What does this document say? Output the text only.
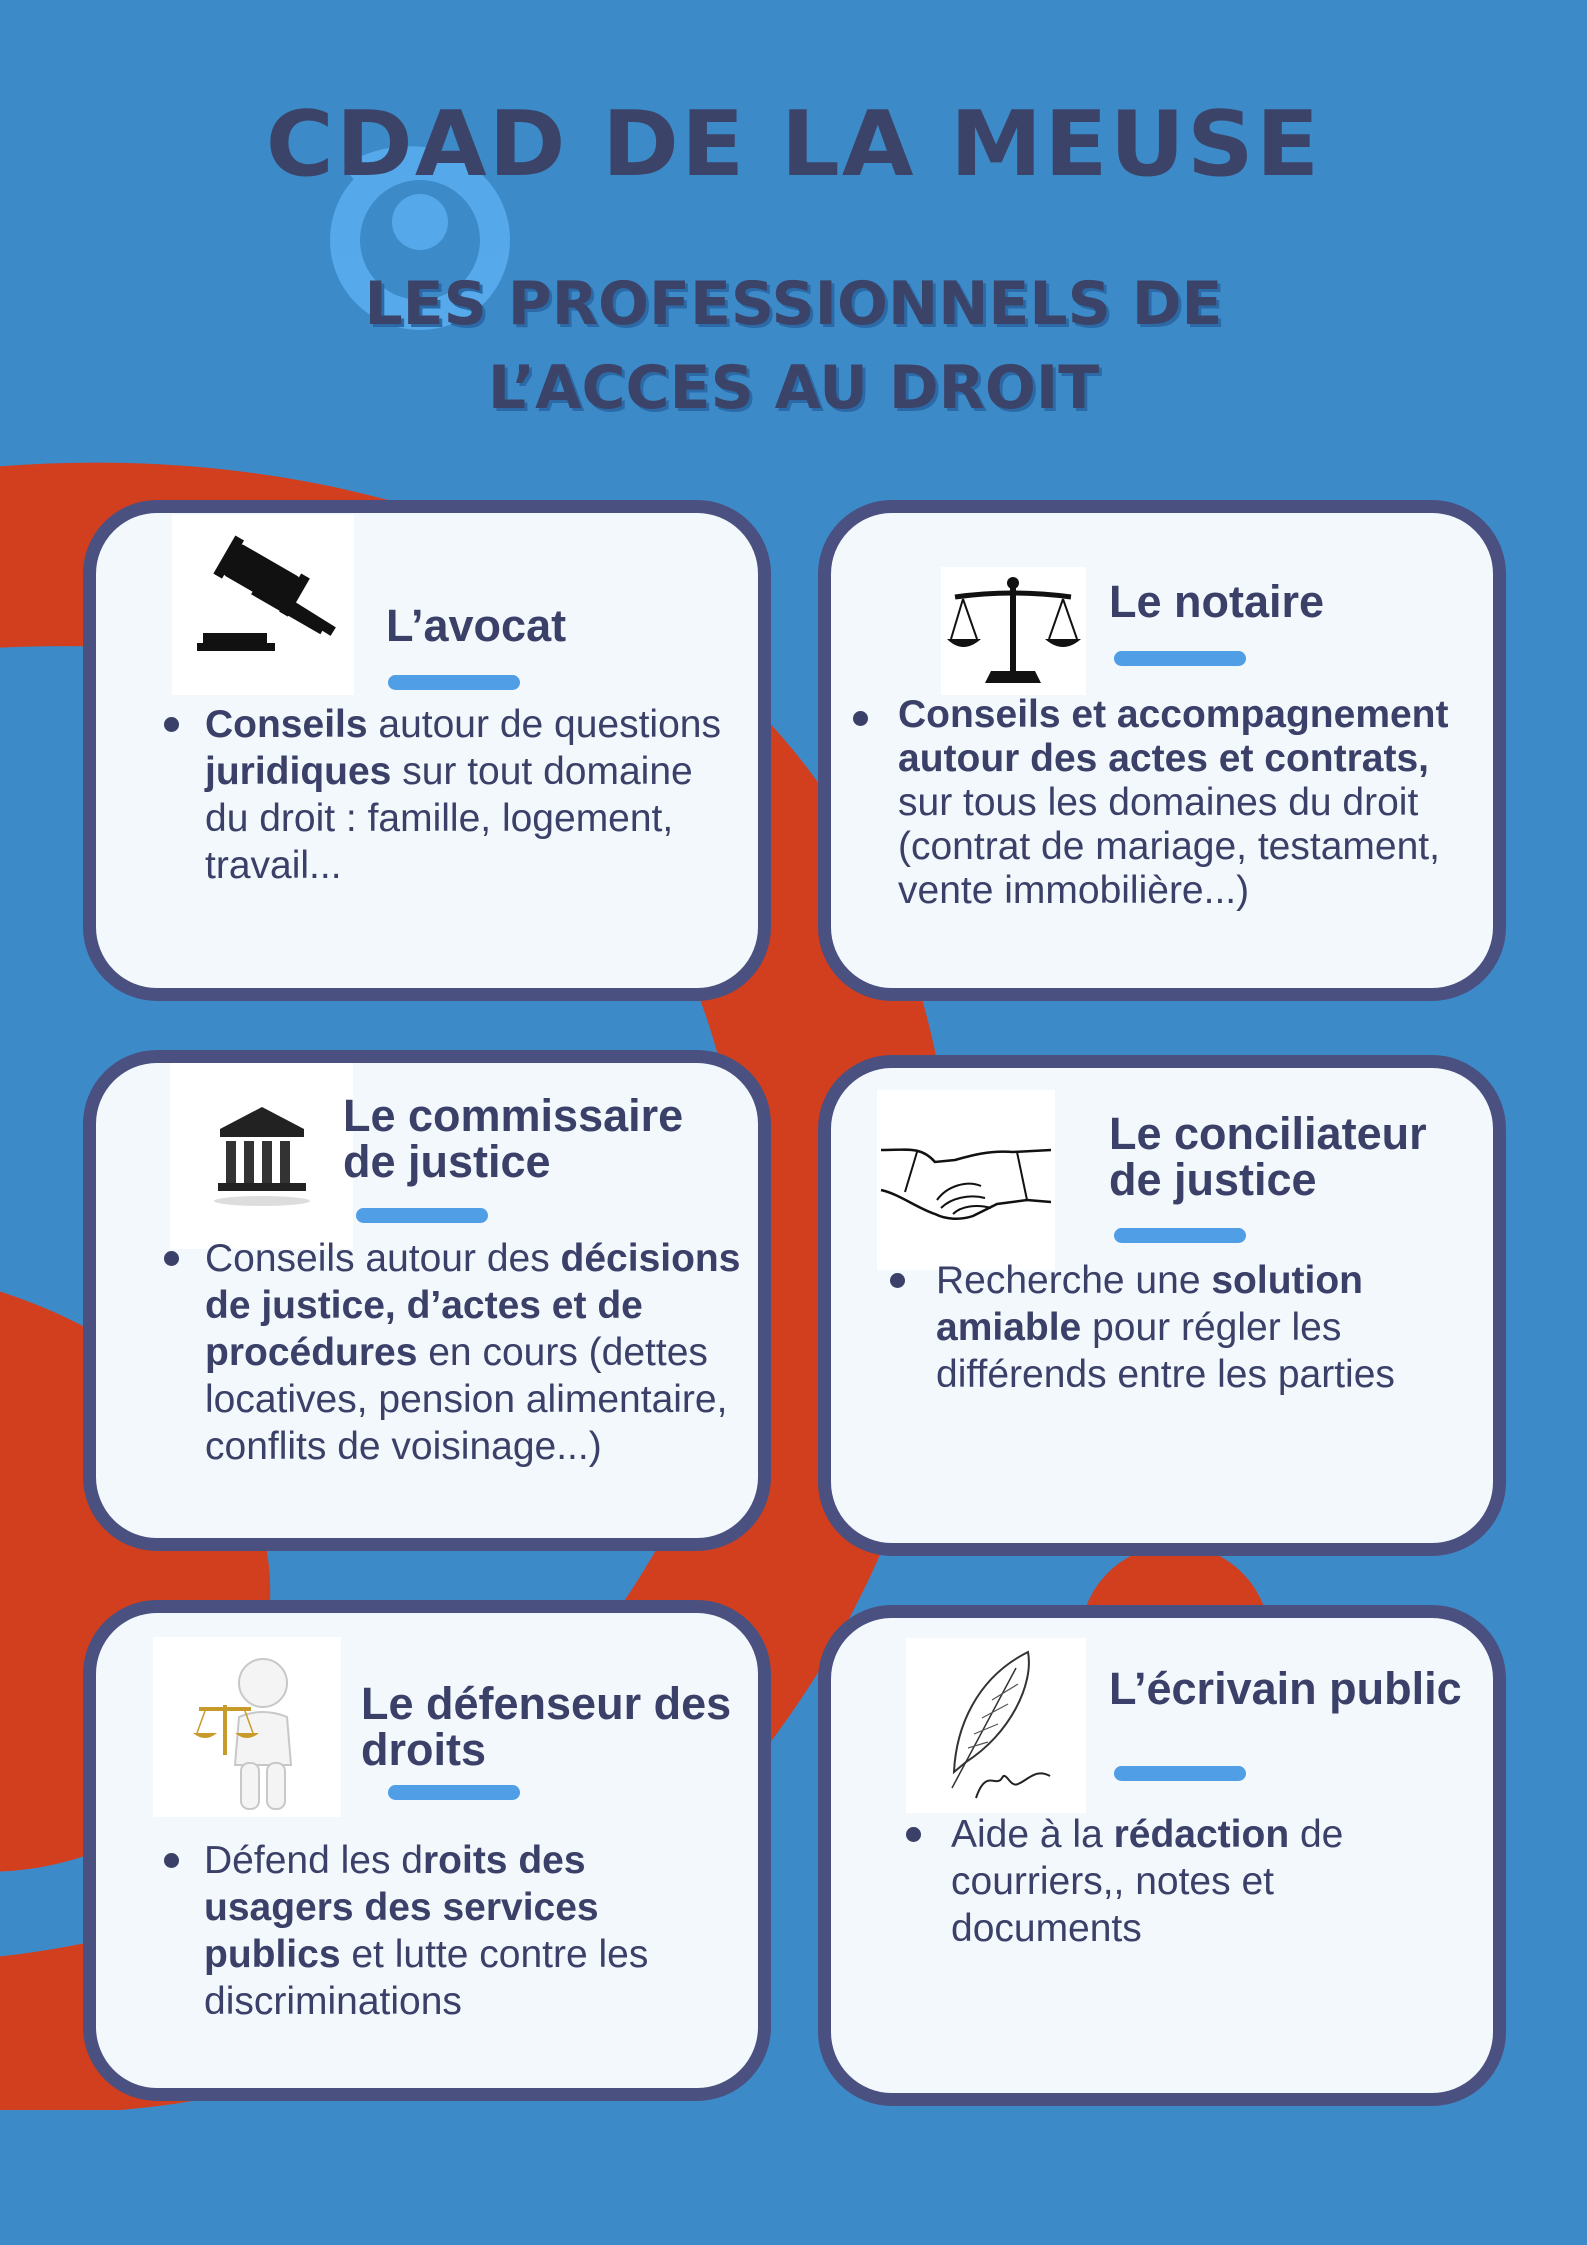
CDAD DE LA MEUSE
LES PROFESSIONNELS DE
L’ACCES AU DROIT
L’avocat

Conseils autour de questions juridiques sur tout domaine du droit : famille, logement, travail...

Le notaire

Conseils et accompagnement autour des actes et contrats, sur tous les domaines du droit (contrat de mariage, testament, vente immobilière...)

Le commissaire de justice

Conseils autour des décisions de justice, d’actes et de procédures en cours (dettes locatives, pension alimentaire, conflits de voisinage...)

Le conciliateur de justice

Recherche une solution amiable pour régler les différends entre les parties

Le défenseur des droits

Défend les droits des usagers des services publics et lutte contre les discriminations

L’écrivain public

Aide à la rédaction de courriers,, notes et documents
